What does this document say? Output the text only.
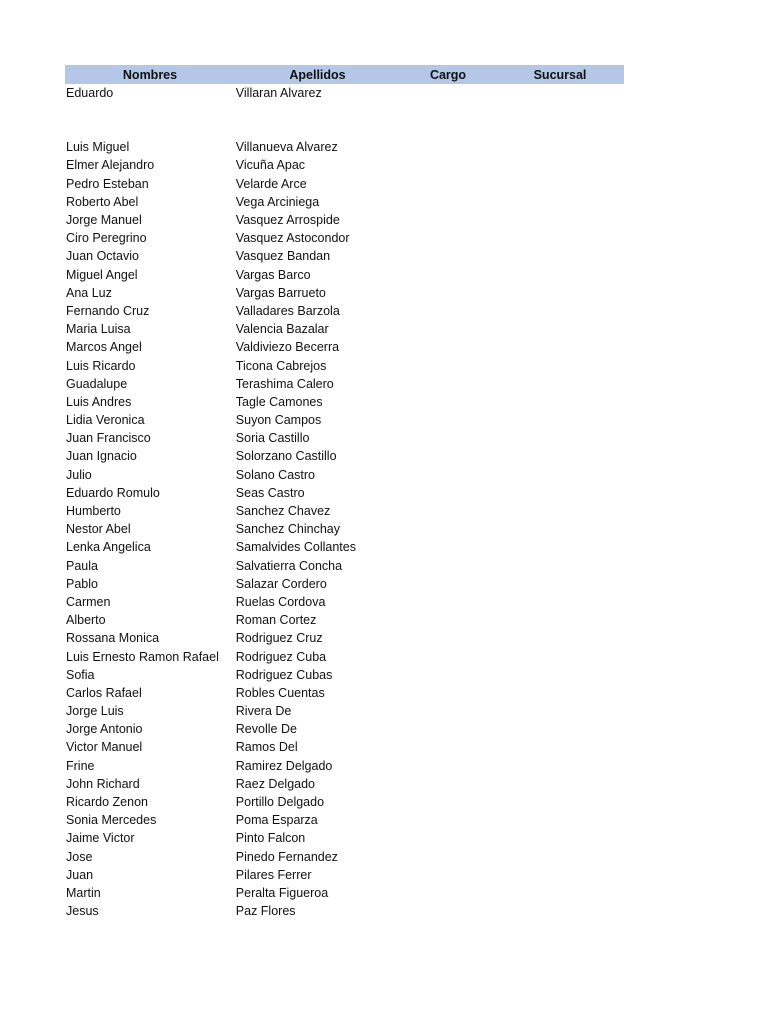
Nombres	Apellidos	Cargo	Sucursal
Eduardo	Villaran Alvarez
Luis Miguel	Villanueva Alvarez
Elmer Alejandro	Vicuña Apac
Pedro Esteban	Velarde Arce
Roberto Abel	Vega Arciniega
Jorge Manuel	Vasquez Arrospide
Ciro Peregrino	Vasquez Astocondor
Juan Octavio	Vasquez Bandan
Miguel Angel	Vargas Barco
Ana Luz	Vargas Barrueto
Fernando Cruz	Valladares Barzola
Maria Luisa	Valencia Bazalar
Marcos Angel	Valdiviezo Becerra
Luis Ricardo	Ticona Cabrejos
Guadalupe	Terashima Calero
Luis Andres	Tagle Camones
Lidia Veronica	Suyon Campos
Juan Francisco	Soria Castillo
Juan Ignacio	Solorzano Castillo
Julio	Solano Castro
Eduardo Romulo	Seas Castro
Humberto	Sanchez Chavez
Nestor Abel	Sanchez Chinchay
Lenka Angelica	Samalvides Collantes
Paula	Salvatierra Concha
Pablo	Salazar Cordero
Carmen	Ruelas Cordova
Alberto	Roman Cortez
Rossana Monica	Rodriguez Cruz
Luis Ernesto Ramon Rafael	Rodriguez Cuba
Sofia	Rodriguez Cubas
Carlos Rafael	Robles Cuentas
Jorge Luis	Rivera De
Jorge Antonio	Revolle De
Victor Manuel	Ramos Del
Frine	Ramirez Delgado
John Richard	Raez Delgado
Ricardo Zenon	Portillo Delgado
Sonia Mercedes	Poma Esparza
Jaime Victor	Pinto Falcon
Jose	Pinedo Fernandez
Juan	Pilares Ferrer
Martin	Peralta Figueroa
Jesus	Paz Flores
